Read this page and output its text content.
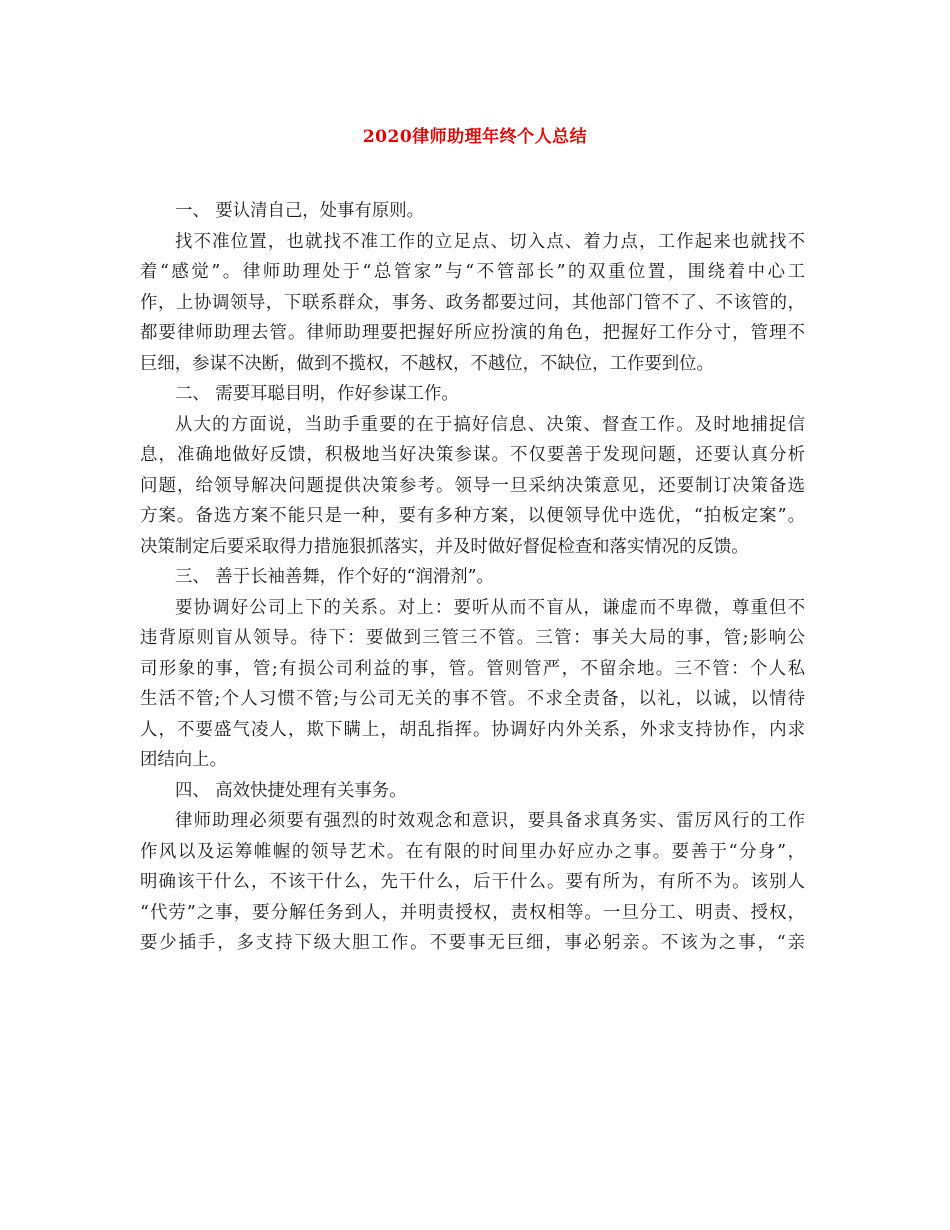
2020律师助理年终个人总结
一、 要认清自己，处事有原则。
找不准位置，也就找不准工作的立足点、切入点、着力点，工作起来也就找不
着“感觉”。律师助理处于“总管家”与“不管部长”的双重位置，围绕着中心工
作，上协调领导，下联系群众，事务、政务都要过问，其他部门管不了、不该管的，
都要律师助理去管。律师助理要把握好所应扮演的角色，把握好工作分寸，管理不
巨细，参谋不决断，做到不揽权，不越权，不越位，不缺位，工作要到位。
二、 需要耳聪目明，作好参谋工作。
从大的方面说，当助手重要的在于搞好信息、决策、督查工作。及时地捕捉信
息，准确地做好反馈，积极地当好决策参谋。不仅要善于发现问题，还要认真分析
问题，给领导解决问题提供决策参考。领导一旦采纳决策意见，还要制订决策备选
方案。备选方案不能只是一种，要有多种方案，以便领导优中选优，“拍板定案”。
决策制定后要采取得力措施狠抓落实，并及时做好督促检查和落实情况的反馈。
三、 善于长袖善舞，作个好的“润滑剂”。
要协调好公司上下的关系。对上：要听从而不盲从，谦虚而不卑微，尊重但不
违背原则盲从领导。待下：要做到三管三不管。三管：事关大局的事，管;影响公
司形象的事，管;有损公司利益的事，管。管则管严，不留余地。三不管：个人私
生活不管;个人习惯不管;与公司无关的事不管。不求全责备，以礼，以诚，以情待
人，不要盛气凌人，欺下瞒上，胡乱指挥。协调好内外关系，外求支持协作，内求
团结向上。
四、 高效快捷处理有关事务。
律师助理必须要有强烈的时效观念和意识，要具备求真务实、雷厉风行的工作
作风以及运筹帷幄的领导艺术。在有限的时间里办好应办之事。要善于“分身”，
明确该干什么，不该干什么，先干什么，后干什么。要有所为，有所不为。该别人
“代劳”之事，要分解任务到人，并明责授权，责权相等。一旦分工、明责、授权，
要少插手，多支持下级大胆工作。不要事无巨细，事必躬亲。不该为之事，“亲
